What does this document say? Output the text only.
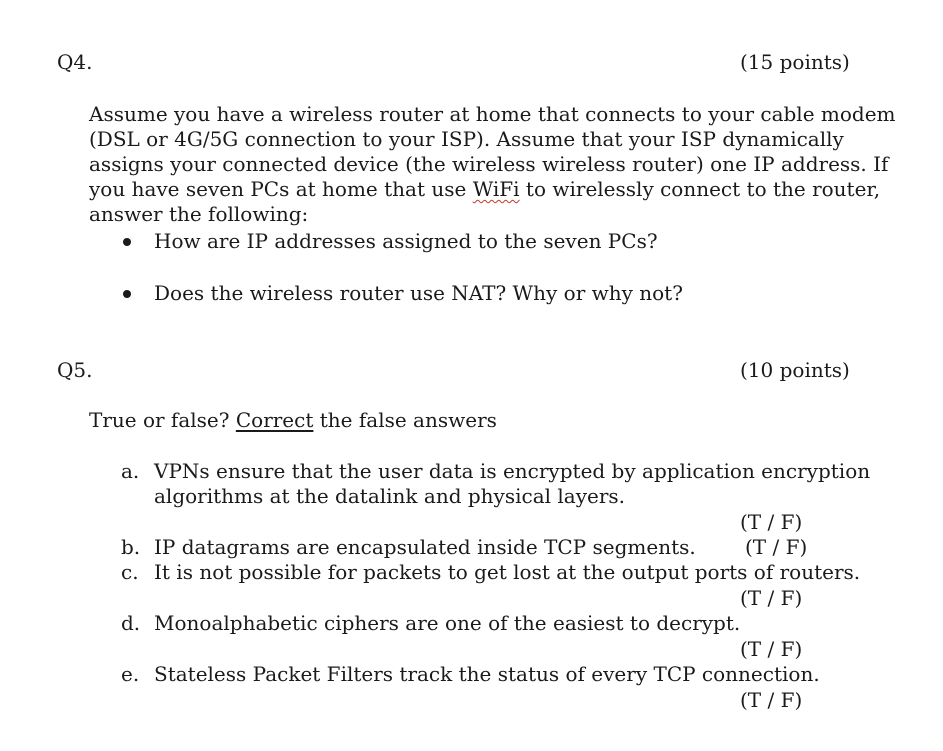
Q4.	(15 points)
Assume you have a wireless router at home that connects to your cable modem (DSL or 4G/5G connection to your ISP). Assume that your ISP dynamically assigns your connected device (the wireless wireless router) one IP address. If you have seven PCs at home that use WiFi to wirelessly connect to the router, answer the following:
How are IP addresses assigned to the seven PCs?
Does the wireless router use NAT? Why or why not?
Q5.	(10 points)
True or false? Correct the false answers
a. VPNs ensure that the user data is encrypted by application encryption
algorithms at the datalink and physical layers.
(T / F)
b. IP datagrams are encapsulated inside TCP segments. (T / F)
c. It is not possible for packets to get lost at the output ports of routers.
(T / F)
d. Monoalphabetic ciphers are one of the easiest to decrypt.
(T / F)
e. Stateless Packet Filters track the status of every TCP connection.
(T / F)
